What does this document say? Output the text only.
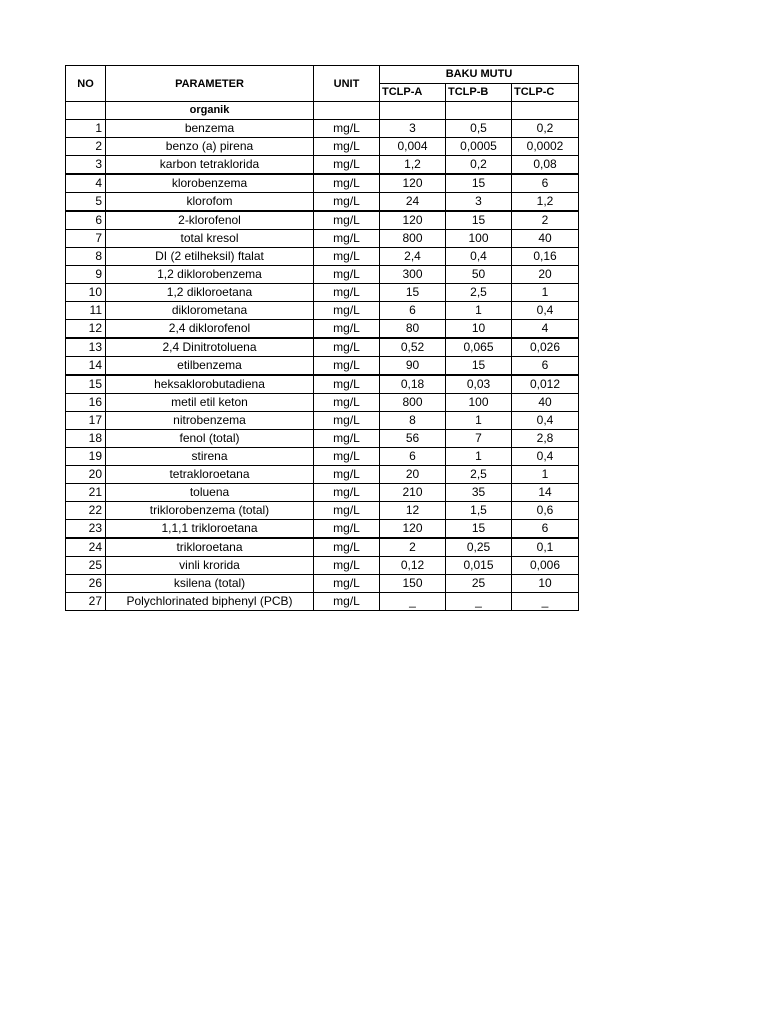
NO	PARAMETER	UNIT	BAKU MUTU		
			TCLP-A	TCLP-B	TCLP-C
	organik				
1	benzema	mg/L	3	0,5	0,2
2	benzo (a) pirena	mg/L	0,004	0,0005	0,0002
3	karbon tetraklorida	mg/L	1,2	0,2	0,08
4	klorobenzema	mg/L	120	15	6
5	klorofom	mg/L	24	3	1,2
6	2-klorofenol	mg/L	120	15	2
7	total kresol	mg/L	800	100	40
8	DI (2 etilheksil) ftalat	mg/L	2,4	0,4	0,16
9	1,2 diklorobenzema	mg/L	300	50	20
10	1,2 dikloroetana	mg/L	15	2,5	1
11	diklorometana	mg/L	6	1	0,4
12	2,4 diklorofenol	mg/L	80	10	4
13	2,4 Dinitrotoluena	mg/L	0,52	0,065	0,026
14	etilbenzema	mg/L	90	15	6
15	heksaklorobutadiena	mg/L	0,18	0,03	0,012
16	metil etil keton	mg/L	800	100	40
17	nitrobenzema	mg/L	8	1	0,4
18	fenol (total)	mg/L	56	7	2,8
19	stirena	mg/L	6	1	0,4
20	tetrakloroetana	mg/L	20	2,5	1
21	toluena	mg/L	210	35	14
22	triklorobenzema (total)	mg/L	12	1,5	0,6
23	1,1,1 trikloroetana	mg/L	120	15	6
24	trikloroetana	mg/L	2	0,25	0,1
25	vinli krorida	mg/L	0,12	0,015	0,006
26	ksilena (total)	mg/L	150	25	10
27	Polychlorinated biphenyl (PCB)	mg/L	_	_	_
